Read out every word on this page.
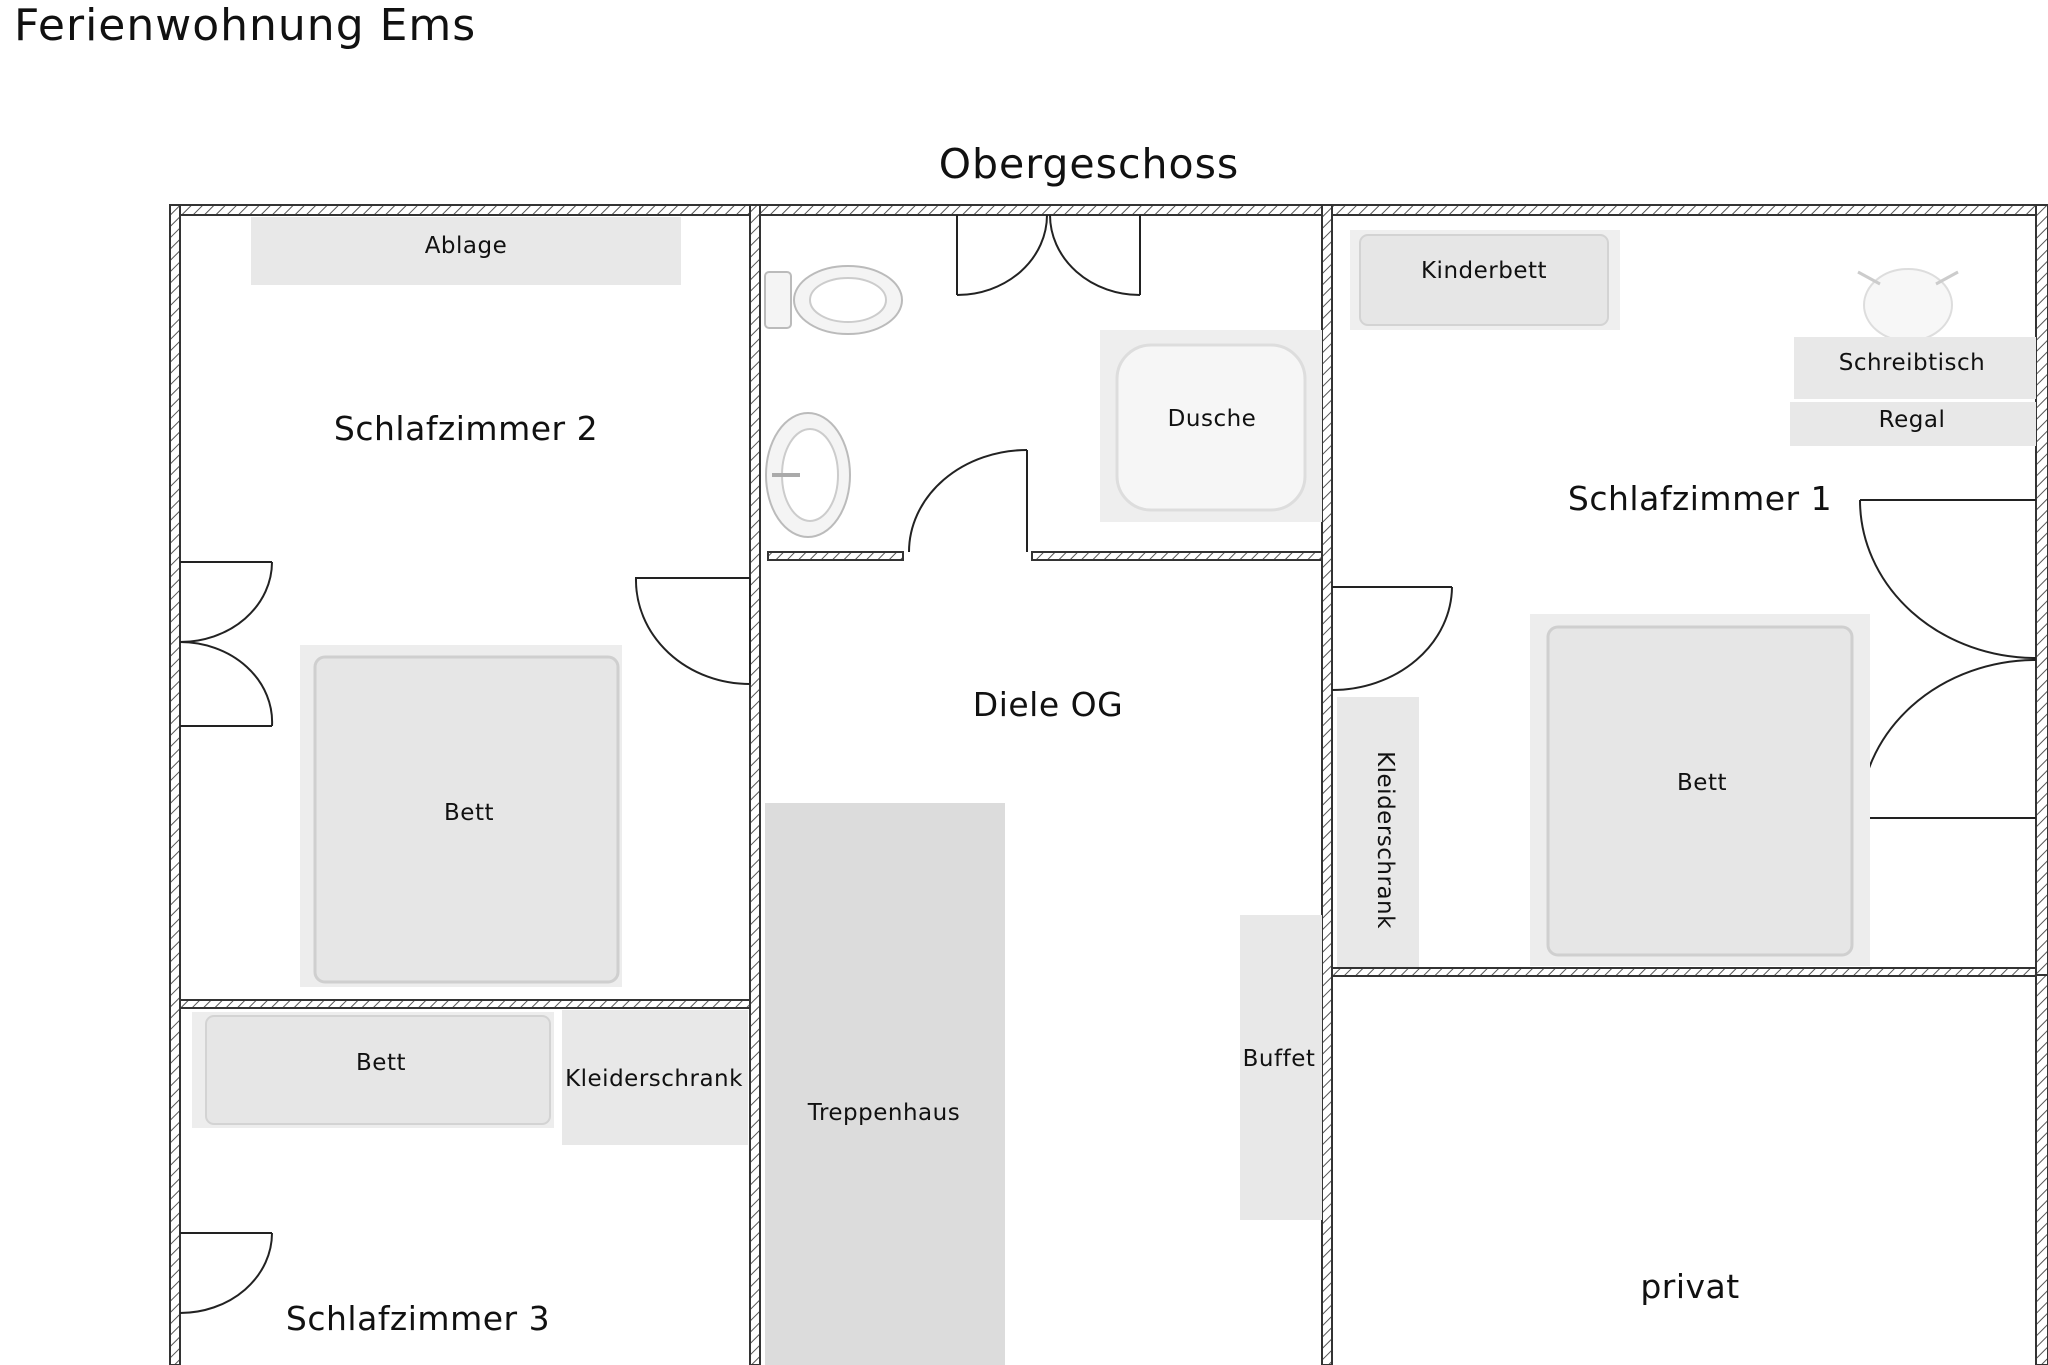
Ferienwohnung Ems
Obergeschoss
Schlafzimmer 2
Schlafzimmer 1
Diele OG
privat
Schlafzimmer 3
Treppenhaus
Ablage
Bett
Dusche
Kinderbett
Schreibtisch
Regal
Bett
Kleiderschrank
Buffet
Bett
Kleiderschrank
